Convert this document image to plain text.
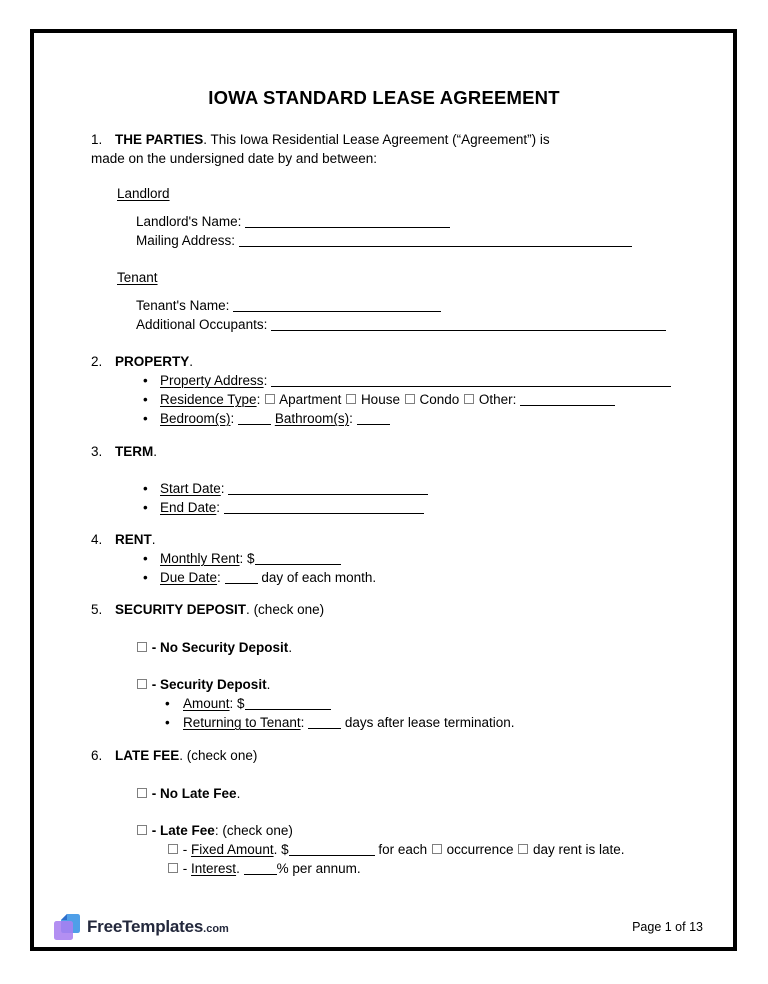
IOWA STANDARD LEASE AGREEMENT
1. THE PARTIES. This Iowa Residential Lease Agreement (“Agreement”) is
made on the undersigned date by and between:
Landlord
Landlord's Name:
Mailing Address:
Tenant
Tenant's Name:
Additional Occupants:
2. PROPERTY.
• Property Address:
• Residence Type: Apartment House Condo Other:
• Bedroom(s):	Bathroom(s):
3. TERM.
• Start Date:
• End Date:
4. RENT.
• Monthly Rent: $
• Due Date:	day of each month.
5. SECURITY DEPOSIT. (check one)
- No Security Deposit.
- Security Deposit.
• Amount: $
• Returning to Tenant:	days after lease termination.
6. LATE FEE. (check one)
- No Late Fee.
- Late Fee: (check one)
- Fixed Amount. $	for each occurrence day rent is late.
- Interest.	% per annum.
FreeTemplates.com	Page 1 of 13
